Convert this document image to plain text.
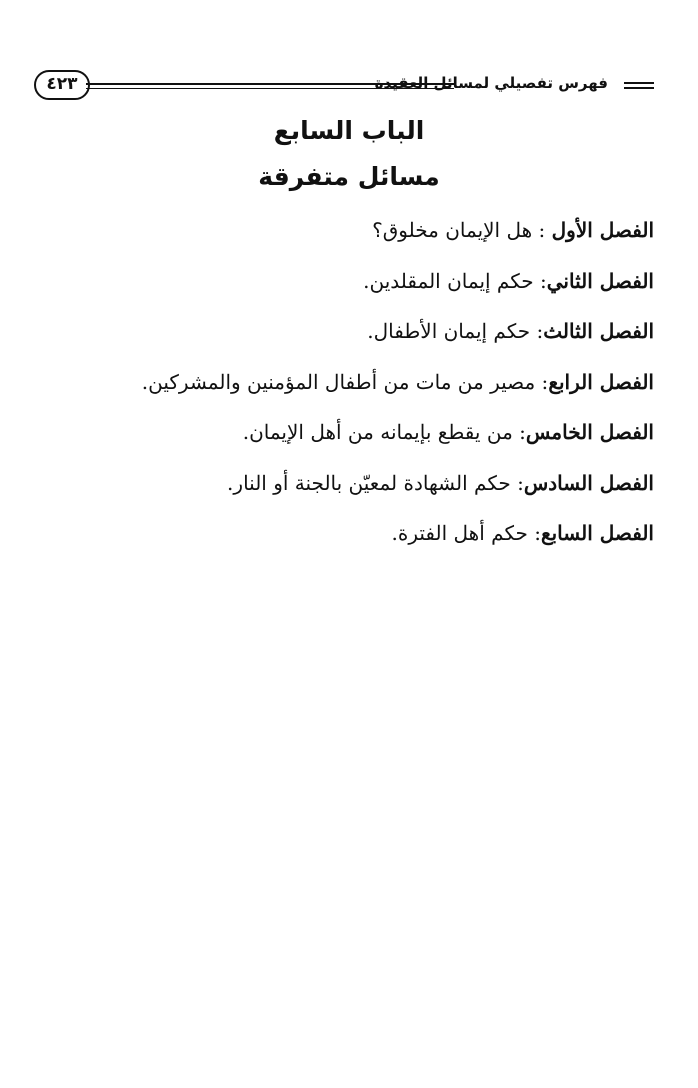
٤٢٣	فهرس تفصيلي لمسائل العقيدة
الباب السابع
مسائل متفرقة
الفصل الأول : هل الإيمان مخلوق؟
الفصل الثاني: حكم إيمان المقلدين.
الفصل الثالث: حكم إيمان الأطفال.
الفصل الرابع: مصير من مات من أطفال المؤمنين والمشركين.
الفصل الخامس: من يقطع بإيمانه من أهل الإيمان.
الفصل السادس: حكم الشهادة لمعيّن بالجنة أو النار.
الفصل السابع: حكم أهل الفترة.
